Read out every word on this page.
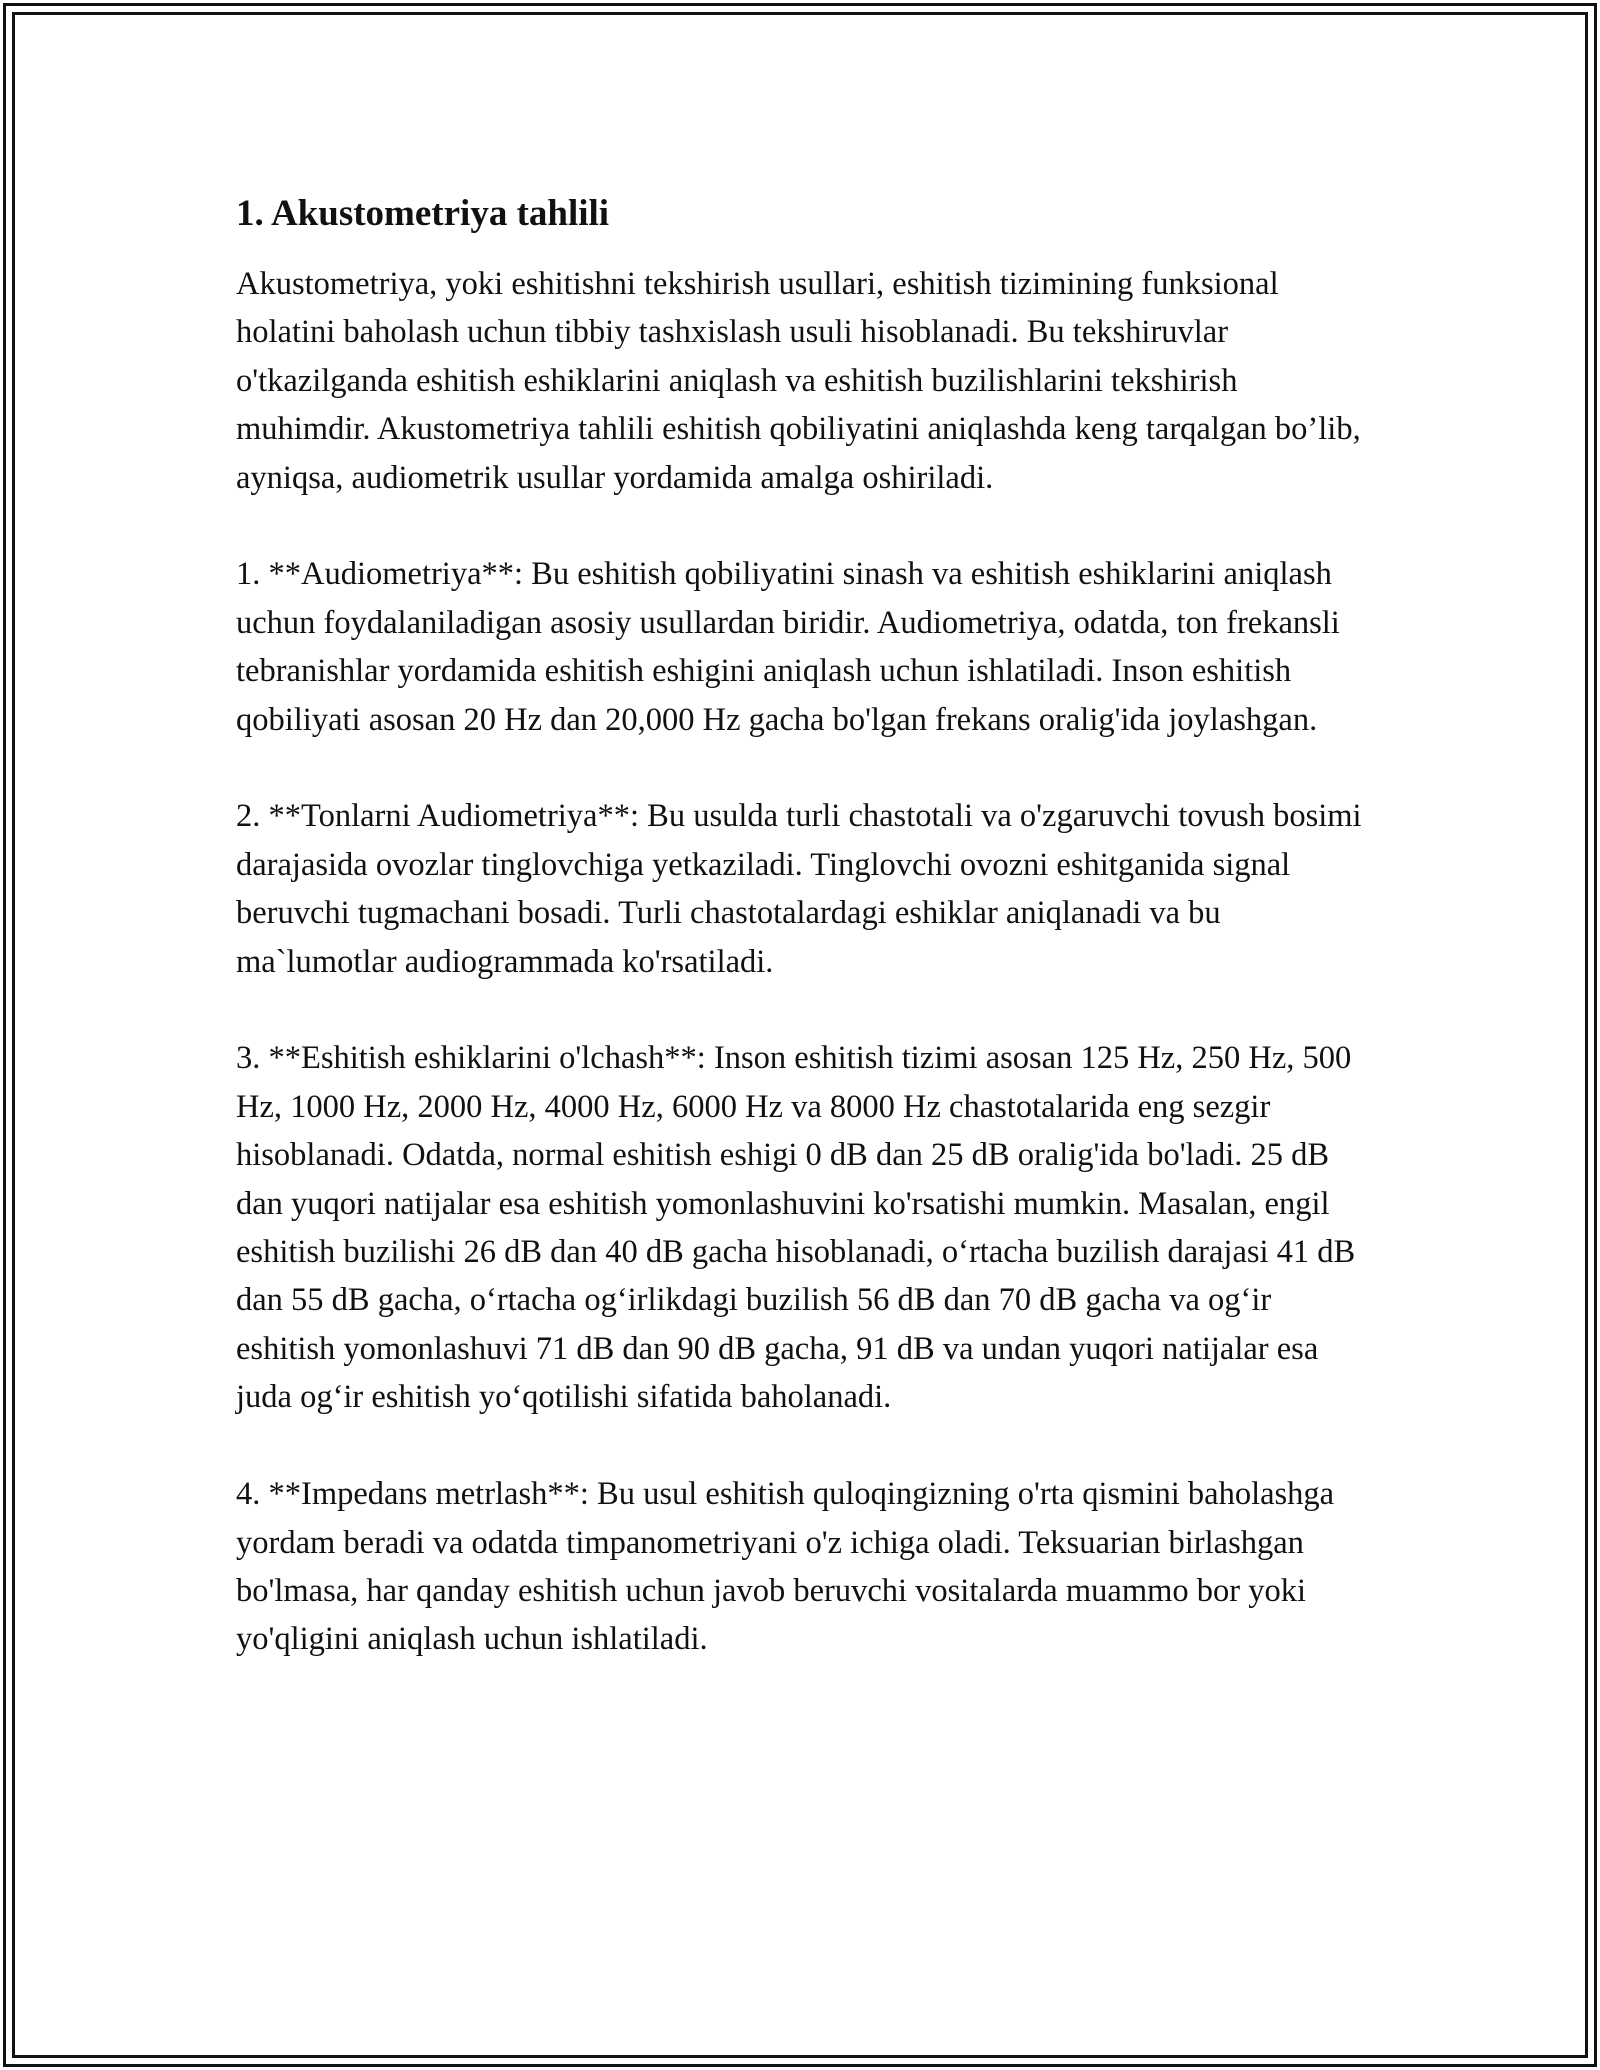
1. Akustometriya tahlili

Akustometriya, yoki eshitishni tekshirish usullari, eshitish tizimining funksional holatini baholash uchun tibbiy tashxislash usuli hisoblanadi. Bu tekshiruvlar o'tkazilganda eshitish eshiklarini aniqlash va eshitish buzilishlarini tekshirish muhimdir. Akustometriya tahlili eshitish qobiliyatini aniqlashda keng tarqalgan bo’lib, ayniqsa, audiometrik usullar yordamida amalga oshiriladi.

1. **Audiometriya**: Bu eshitish qobiliyatini sinash va eshitish eshiklarini aniqlash uchun foydalaniladigan asosiy usullardan biridir. Audiometriya, odatda, ton frekansli tebranishlar yordamida eshitish eshigini aniqlash uchun ishlatiladi. Inson eshitish qobiliyati asosan 20 Hz dan 20,000 Hz gacha bo'lgan frekans oralig'ida joylashgan.

2. **Tonlarni Audiometriya**: Bu usulda turli chastotali va o'zgaruvchi tovush bosimi darajasida ovozlar tinglovchiga yetkaziladi. Tinglovchi ovozni eshitganida signal beruvchi tugmachani bosadi. Turli chastotalardagi eshiklar aniqlanadi va bu ma`lumotlar audiogrammada ko'rsatiladi.

3. **Eshitish eshiklarini o'lchash**: Inson eshitish tizimi asosan 125 Hz, 250 Hz, 500 Hz, 1000 Hz, 2000 Hz, 4000 Hz, 6000 Hz va 8000 Hz chastotalarida eng sezgir hisoblanadi. Odatda, normal eshitish eshigi 0 dB dan 25 dB oralig'ida bo'ladi. 25 dB dan yuqori natijalar esa eshitish yomonlashuvini ko'rsatishi mumkin. Masalan, engil eshitish buzilishi 26 dB dan 40 dB gacha hisoblanadi, o‘rtacha buzilish darajasi 41 dB dan 55 dB gacha, o‘rtacha og‘irlikdagi buzilish 56 dB dan 70 dB gacha va og‘ir eshitish yomonlashuvi 71 dB dan 90 dB gacha, 91 dB va undan yuqori natijalar esa juda og‘ir eshitish yo‘qotilishi sifatida baholanadi.

4. **Impedans metrlash**: Bu usul eshitish quloqingizning o'rta qismini baholashga yordam beradi va odatda timpanometriyani o'z ichiga oladi. Teksuarian birlashgan bo'lmasa, har qanday eshitish uchun javob beruvchi vositalarda muammo bor yoki yo'qligini aniqlash uchun ishlatiladi.
